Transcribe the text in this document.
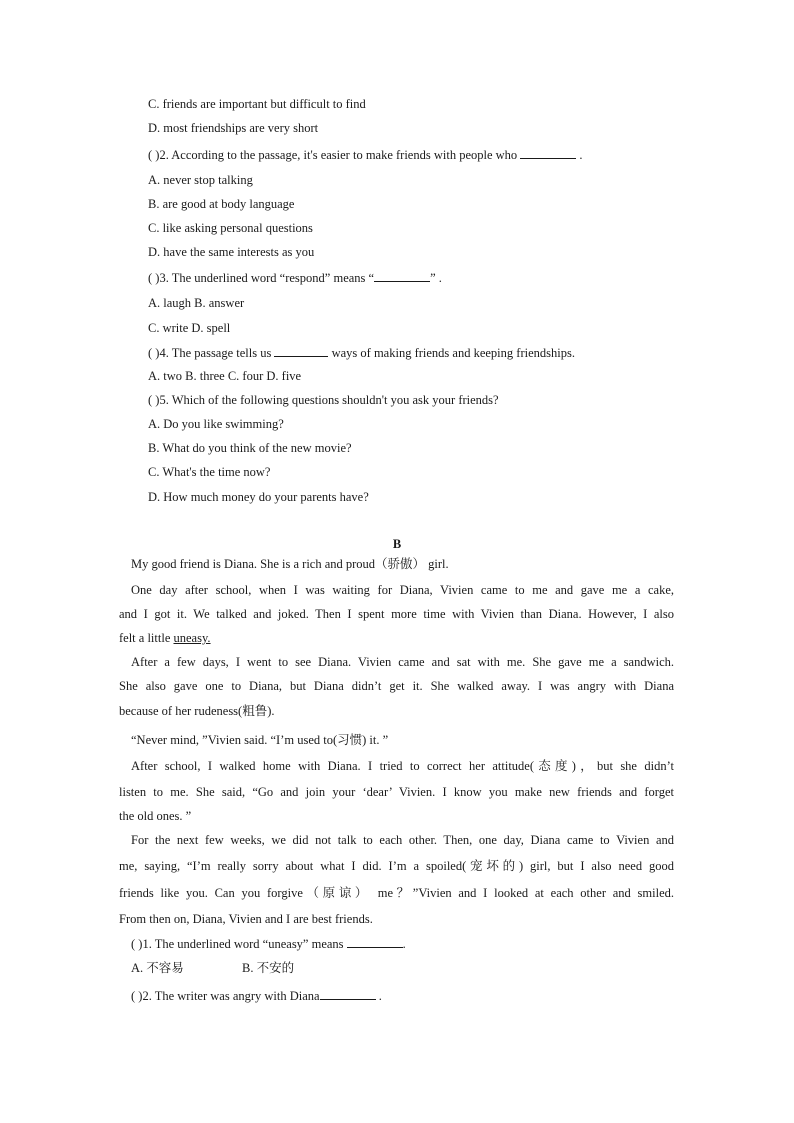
C. friends are important but difficult to find
D. most friendships are very short
( )2. According to the passage, it's easier to make friends with people who	.
A. never stop talking
B. are good at body language
C. like asking personal questions
D. have the same interests as you
( )3. The underlined word “respond” means “	” .
A. laugh B. answer
C. write D. spell
( )4. The passage tells us	ways of making friends and keeping friendships.
A. two B. three C. four D. five
( )5. Which of the following questions shouldn't you ask your friends?
A. Do you like swimming?
B. What do you think of the new movie?
C. What's the time now?
D. How much money do your parents have?
B
My good friend is Diana. She is a rich and proud（骄傲） girl.
One day after school, when I was waiting for Diana, Vivien came to me and gave me a cake,
and I got it. We talked and joked. Then I spent more time with Vivien than Diana. However, I also
felt a little uneasy.
After a few days, I went to see Diana. Vivien came and sat with me. She gave me a sandwich.
She also gave one to Diana, but Diana didn’t get it. She walked away. I was angry with Diana
because of her rudeness(粗鲁).
“Never mind, ”Vivien said. “I’m used to(习惯) it. ”
After school, I walked home with Diana. I tried to correct her attitude(态度)，but she didn’t
listen to me. She said, “Go and join your ‘dear’ Vivien. I know you make new friends and forget
the old ones. ”
For the next few weeks, we did not talk to each other. Then, one day, Diana came to Vivien and
me, saying, “I’m really sorry about what I did. I’m a spoiled(宠坏的) girl, but I also need good
friends like you. Can you forgive（原谅） me？”Vivien and I looked at each other and smiled.
From then on, Diana, Vivien and I are best friends.
( )1. The underlined word “uneasy” means	.
A. 不容易	B. 不安的
( )2. The writer was angry with Diana	.
